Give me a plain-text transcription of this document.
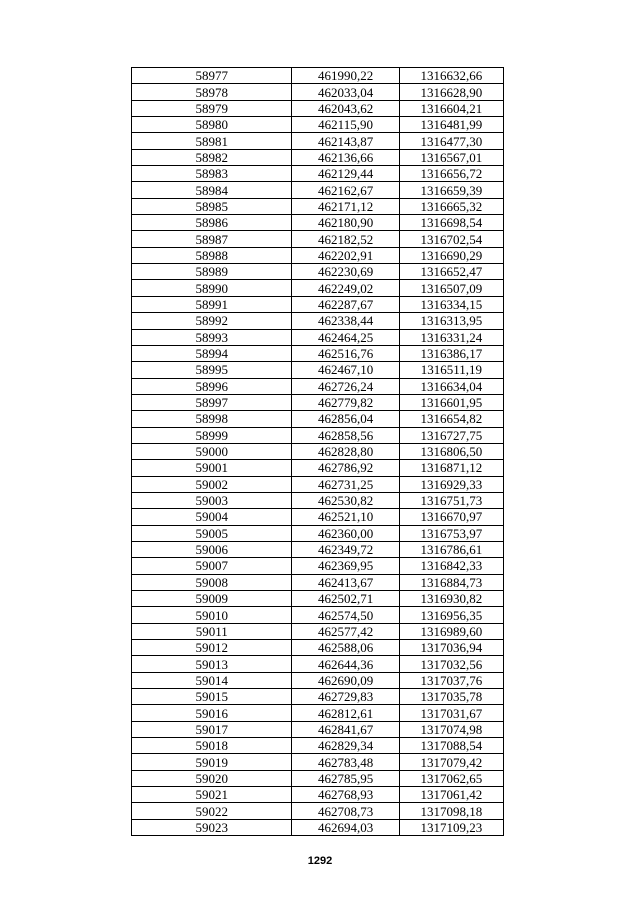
58977	461990,22	1316632,66
58978	462033,04	1316628,90
58979	462043,62	1316604,21
58980	462115,90	1316481,99
58981	462143,87	1316477,30
58982	462136,66	1316567,01
58983	462129,44	1316656,72
58984	462162,67	1316659,39
58985	462171,12	1316665,32
58986	462180,90	1316698,54
58987	462182,52	1316702,54
58988	462202,91	1316690,29
58989	462230,69	1316652,47
58990	462249,02	1316507,09
58991	462287,67	1316334,15
58992	462338,44	1316313,95
58993	462464,25	1316331,24
58994	462516,76	1316386,17
58995	462467,10	1316511,19
58996	462726,24	1316634,04
58997	462779,82	1316601,95
58998	462856,04	1316654,82
58999	462858,56	1316727,75
59000	462828,80	1316806,50
59001	462786,92	1316871,12
59002	462731,25	1316929,33
59003	462530,82	1316751,73
59004	462521,10	1316670,97
59005	462360,00	1316753,97
59006	462349,72	1316786,61
59007	462369,95	1316842,33
59008	462413,67	1316884,73
59009	462502,71	1316930,82
59010	462574,50	1316956,35
59011	462577,42	1316989,60
59012	462588,06	1317036,94
59013	462644,36	1317032,56
59014	462690,09	1317037,76
59015	462729,83	1317035,78
59016	462812,61	1317031,67
59017	462841,67	1317074,98
59018	462829,34	1317088,54
59019	462783,48	1317079,42
59020	462785,95	1317062,65
59021	462768,93	1317061,42
59022	462708,73	1317098,18
59023	462694,03	1317109,23
1292
